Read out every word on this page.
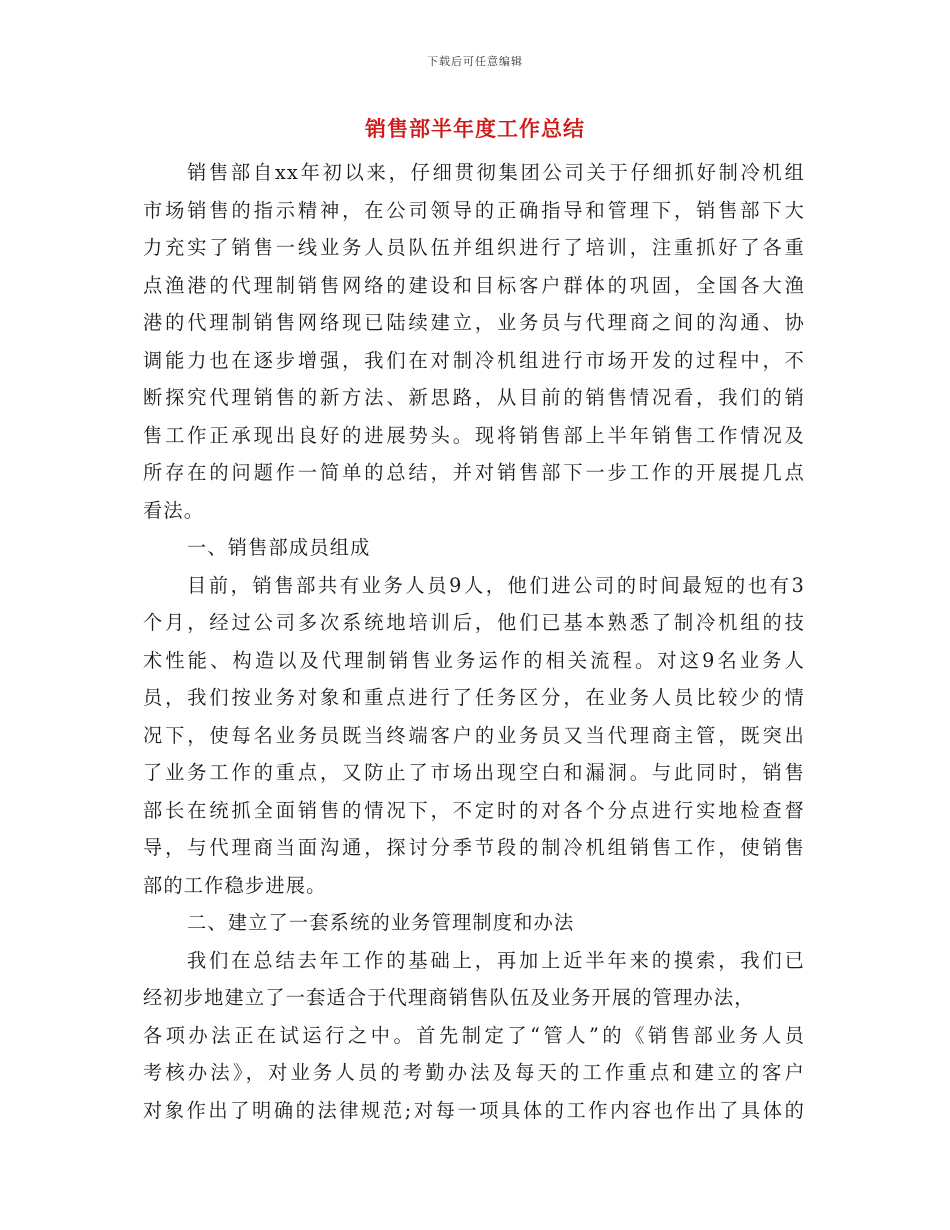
下载后可任意编辑
销售部半年度工作总结
销售部自xx年初以来，仔细贯彻集团公司关于仔细抓好制冷机组
市场销售的指示精神，在公司领导的正确指导和管理下，销售部下大
力充实了销售一线业务人员队伍并组织进行了培训，注重抓好了各重
点渔港的代理制销售网络的建设和目标客户群体的巩固，全国各大渔
港的代理制销售网络现已陆续建立，业务员与代理商之间的沟通、协
调能力也在逐步增强，我们在对制冷机组进行市场开发的过程中，不
断探究代理销售的新方法、新思路，从目前的销售情况看，我们的销
售工作正承现出良好的进展势头。现将销售部上半年销售工作情况及
所存在的问题作一简单的总结，并对销售部下一步工作的开展提几点
看法。
一、销售部成员组成
目前，销售部共有业务人员9人，他们进公司的时间最短的也有3
个月，经过公司多次系统地培训后，他们已基本熟悉了制冷机组的技
术性能、构造以及代理制销售业务运作的相关流程。对这9名业务人
员，我们按业务对象和重点进行了任务区分，在业务人员比较少的情
况下，使每名业务员既当终端客户的业务员又当代理商主管，既突出
了业务工作的重点，又防止了市场出现空白和漏洞。与此同时，销售
部长在统抓全面销售的情况下，不定时的对各个分点进行实地检查督
导，与代理商当面沟通，探讨分季节段的制冷机组销售工作，使销售
部的工作稳步进展。
二、建立了一套系统的业务管理制度和办法
我们在总结去年工作的基础上，再加上近半年来的摸索，我们已
经初步地建立了一套适合于代理商销售队伍及业务开展的管理办法，
各项办法正在试运行之中。首先制定了“管人”的《销售部业务人员
考核办法》，对业务人员的考勤办法及每天的工作重点和建立的客户
对象作出了明确的法律规范;对每一项具体的工作内容也作出了具体的
